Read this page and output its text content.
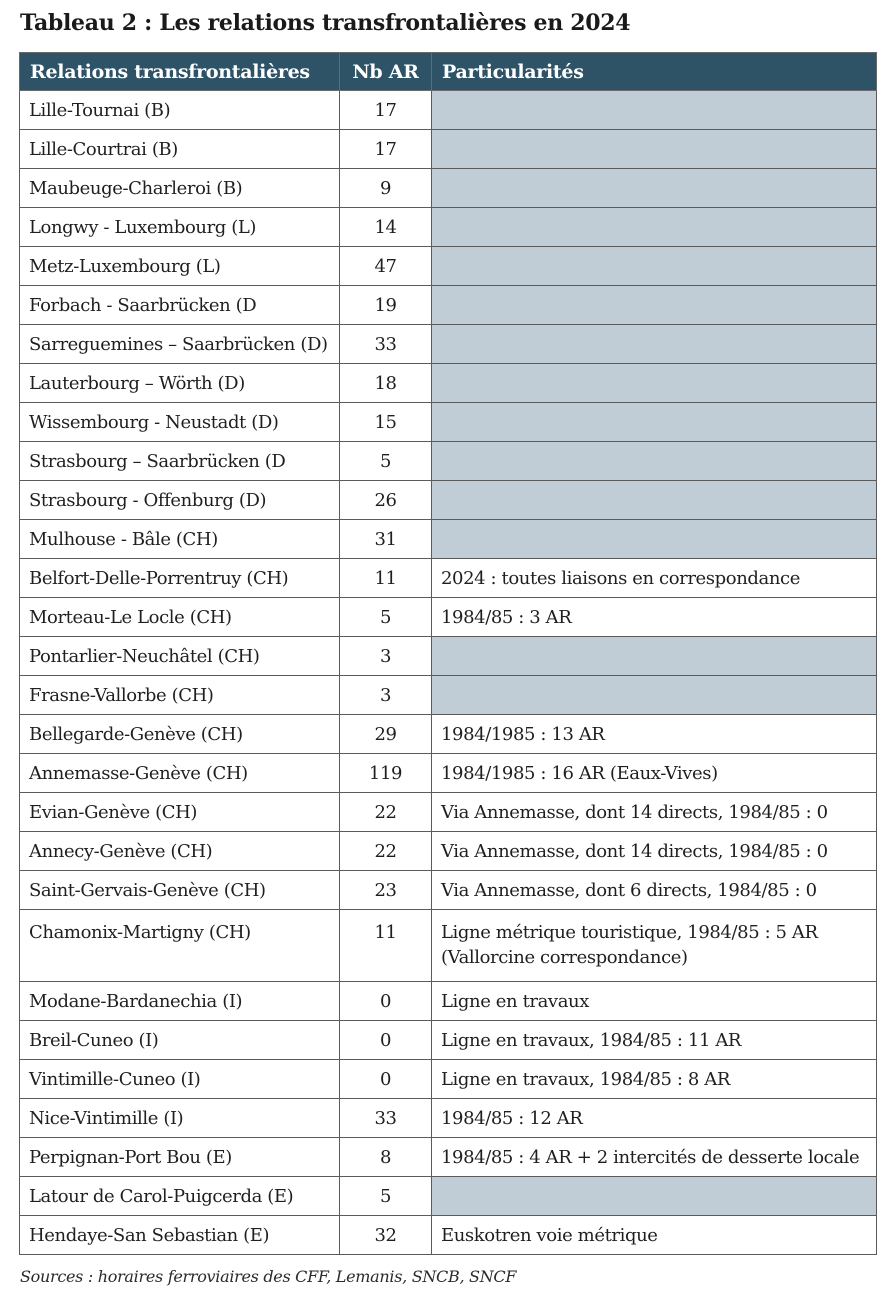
Tableau 2 : Les relations transfrontalières en 2024
Relations transfrontalières	Nb AR	Particularités
Lille-Tournai (B)	17	
Lille-Courtrai (B)	17	
Maubeuge-Charleroi (B)	9	
Longwy - Luxembourg (L)	14	
Metz-Luxembourg (L)	47	
Forbach - Saarbrücken (D	19	
Sarreguemines – Saarbrücken (D)	33	
Lauterbourg – Wörth (D)	18	
Wissembourg - Neustadt (D)	15	
Strasbourg – Saarbrücken (D	5	
Strasbourg - Offenburg (D)	26	
Mulhouse - Bâle (CH)	31	
Belfort-Delle-Porrentruy (CH)	11	2024 : toutes liaisons en correspondance
Morteau-Le Locle (CH)	5	1984/85 : 3 AR
Pontarlier-Neuchâtel (CH)	3	
Frasne-Vallorbe (CH)	3	
Bellegarde-Genève (CH)	29	1984/1985 : 13 AR
Annemasse-Genève (CH)	119	1984/1985 : 16 AR (Eaux-Vives)
Evian-Genève (CH)	22	Via Annemasse, dont 14 directs, 1984/85 : 0
Annecy-Genève (CH)	22	Via Annemasse, dont 14 directs, 1984/85 : 0
Saint-Gervais-Genève (CH)	23	Via Annemasse, dont 6 directs, 1984/85 : 0
Chamonix-Martigny (CH)	11	Ligne métrique touristique, 1984/85 : 5 AR (Vallorcine correspondance)
Modane-Bardanechia (I)	0	Ligne en travaux
Breil-Cuneo (I)	0	Ligne en travaux, 1984/85 : 11 AR
Vintimille-Cuneo (I)	0	Ligne en travaux, 1984/85 : 8 AR
Nice-Vintimille (I)	33	1984/85 : 12 AR
Perpignan-Port Bou (E)	8	1984/85 : 4 AR + 2 intercités de desserte locale
Latour de Carol-Puigcerda (E)	5	
Hendaye-San Sebastian (E)	32	Euskotren voie métrique
Sources : horaires ferroviaires des CFF, Lemanis, SNCB, SNCF
